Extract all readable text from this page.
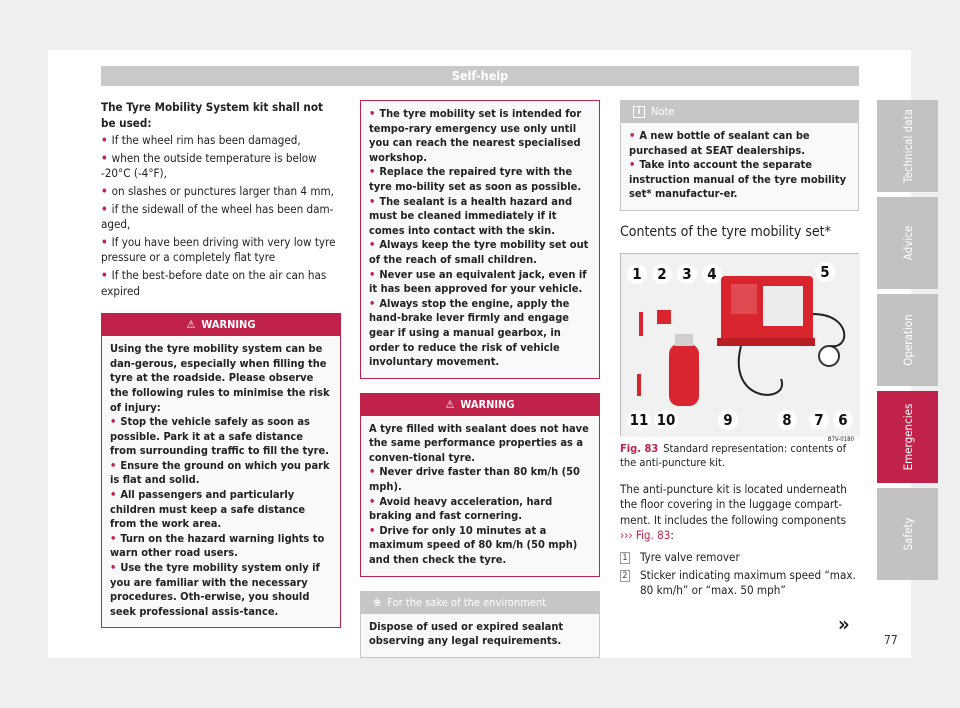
Self-help
Technical data
Advice
Operation
Emergencies
Safety
The Tyre Mobility System kit shall not be used:
• If the wheel rim has been damaged,
• when the outside temperature is below -20°C (-4°F),
• on slashes or punctures larger than 4 mm,
• if the sidewall of the wheel has been dam-aged,
• If you have been driving with very low tyre pressure or a completely flat tyre
• If the best-before date on the air can has expired
⚠ WARNING
Using the tyre mobility system can be dan-gerous, especially when filling the tyre at the roadside. Please observe the following rules to minimise the risk of injury:
• Stop the vehicle safely as soon as possible. Park it at a safe distance from surrounding traffic to fill the tyre.
• Ensure the ground on which you park is flat and solid.
• All passengers and particularly children must keep a safe distance from the work area.
• Turn on the hazard warning lights to warn other road users.
• Use the tyre mobility system only if you are familiar with the necessary procedures. Oth-erwise, you should seek professional assis-tance.
• The tyre mobility set is intended for tempo-rary emergency use only until you can reach the nearest specialised workshop.
• Replace the repaired tyre with the tyre mo-bility set as soon as possible.
• The sealant is a health hazard and must be cleaned immediately if it comes into contact with the skin.
• Always keep the tyre mobility set out of the reach of small children.
• Never use an equivalent jack, even if it has been approved for your vehicle.
• Always stop the engine, apply the hand-brake lever firmly and engage gear if using a manual gearbox, in order to reduce the risk of vehicle involuntary movement.
⚠ WARNING
A tyre filled with sealant does not have the same performance properties as a conven-tional tyre.
• Never drive faster than 80 km/h (50 mph).
• Avoid heavy acceleration, hard braking and fast cornering.
• Drive for only 10 minutes at a maximum speed of 80 km/h (50 mph) and then check the tyre.
❀ For the sake of the environment
Dispose of used or expired sealant observing any legal requirements.
i Note
• A new bottle of sealant can be purchased at SEAT dealerships.
• Take into account the separate instruction manual of the tyre mobility set* manufactur-er.
Contents of the tyre mobility set*
1	2	3	4	5
11 10	9	8	7 6
B7V-0180
Fig. 83 Standard representation: contents of the anti-puncture kit.
The anti-puncture kit is located underneath the floor covering in the luggage compart-ment. It includes the following components ››› Fig. 83:
1 Tyre valve remover
2 Sticker indicating maximum speed “max. 80 km/h” or “max. 50 mph”
»
77
